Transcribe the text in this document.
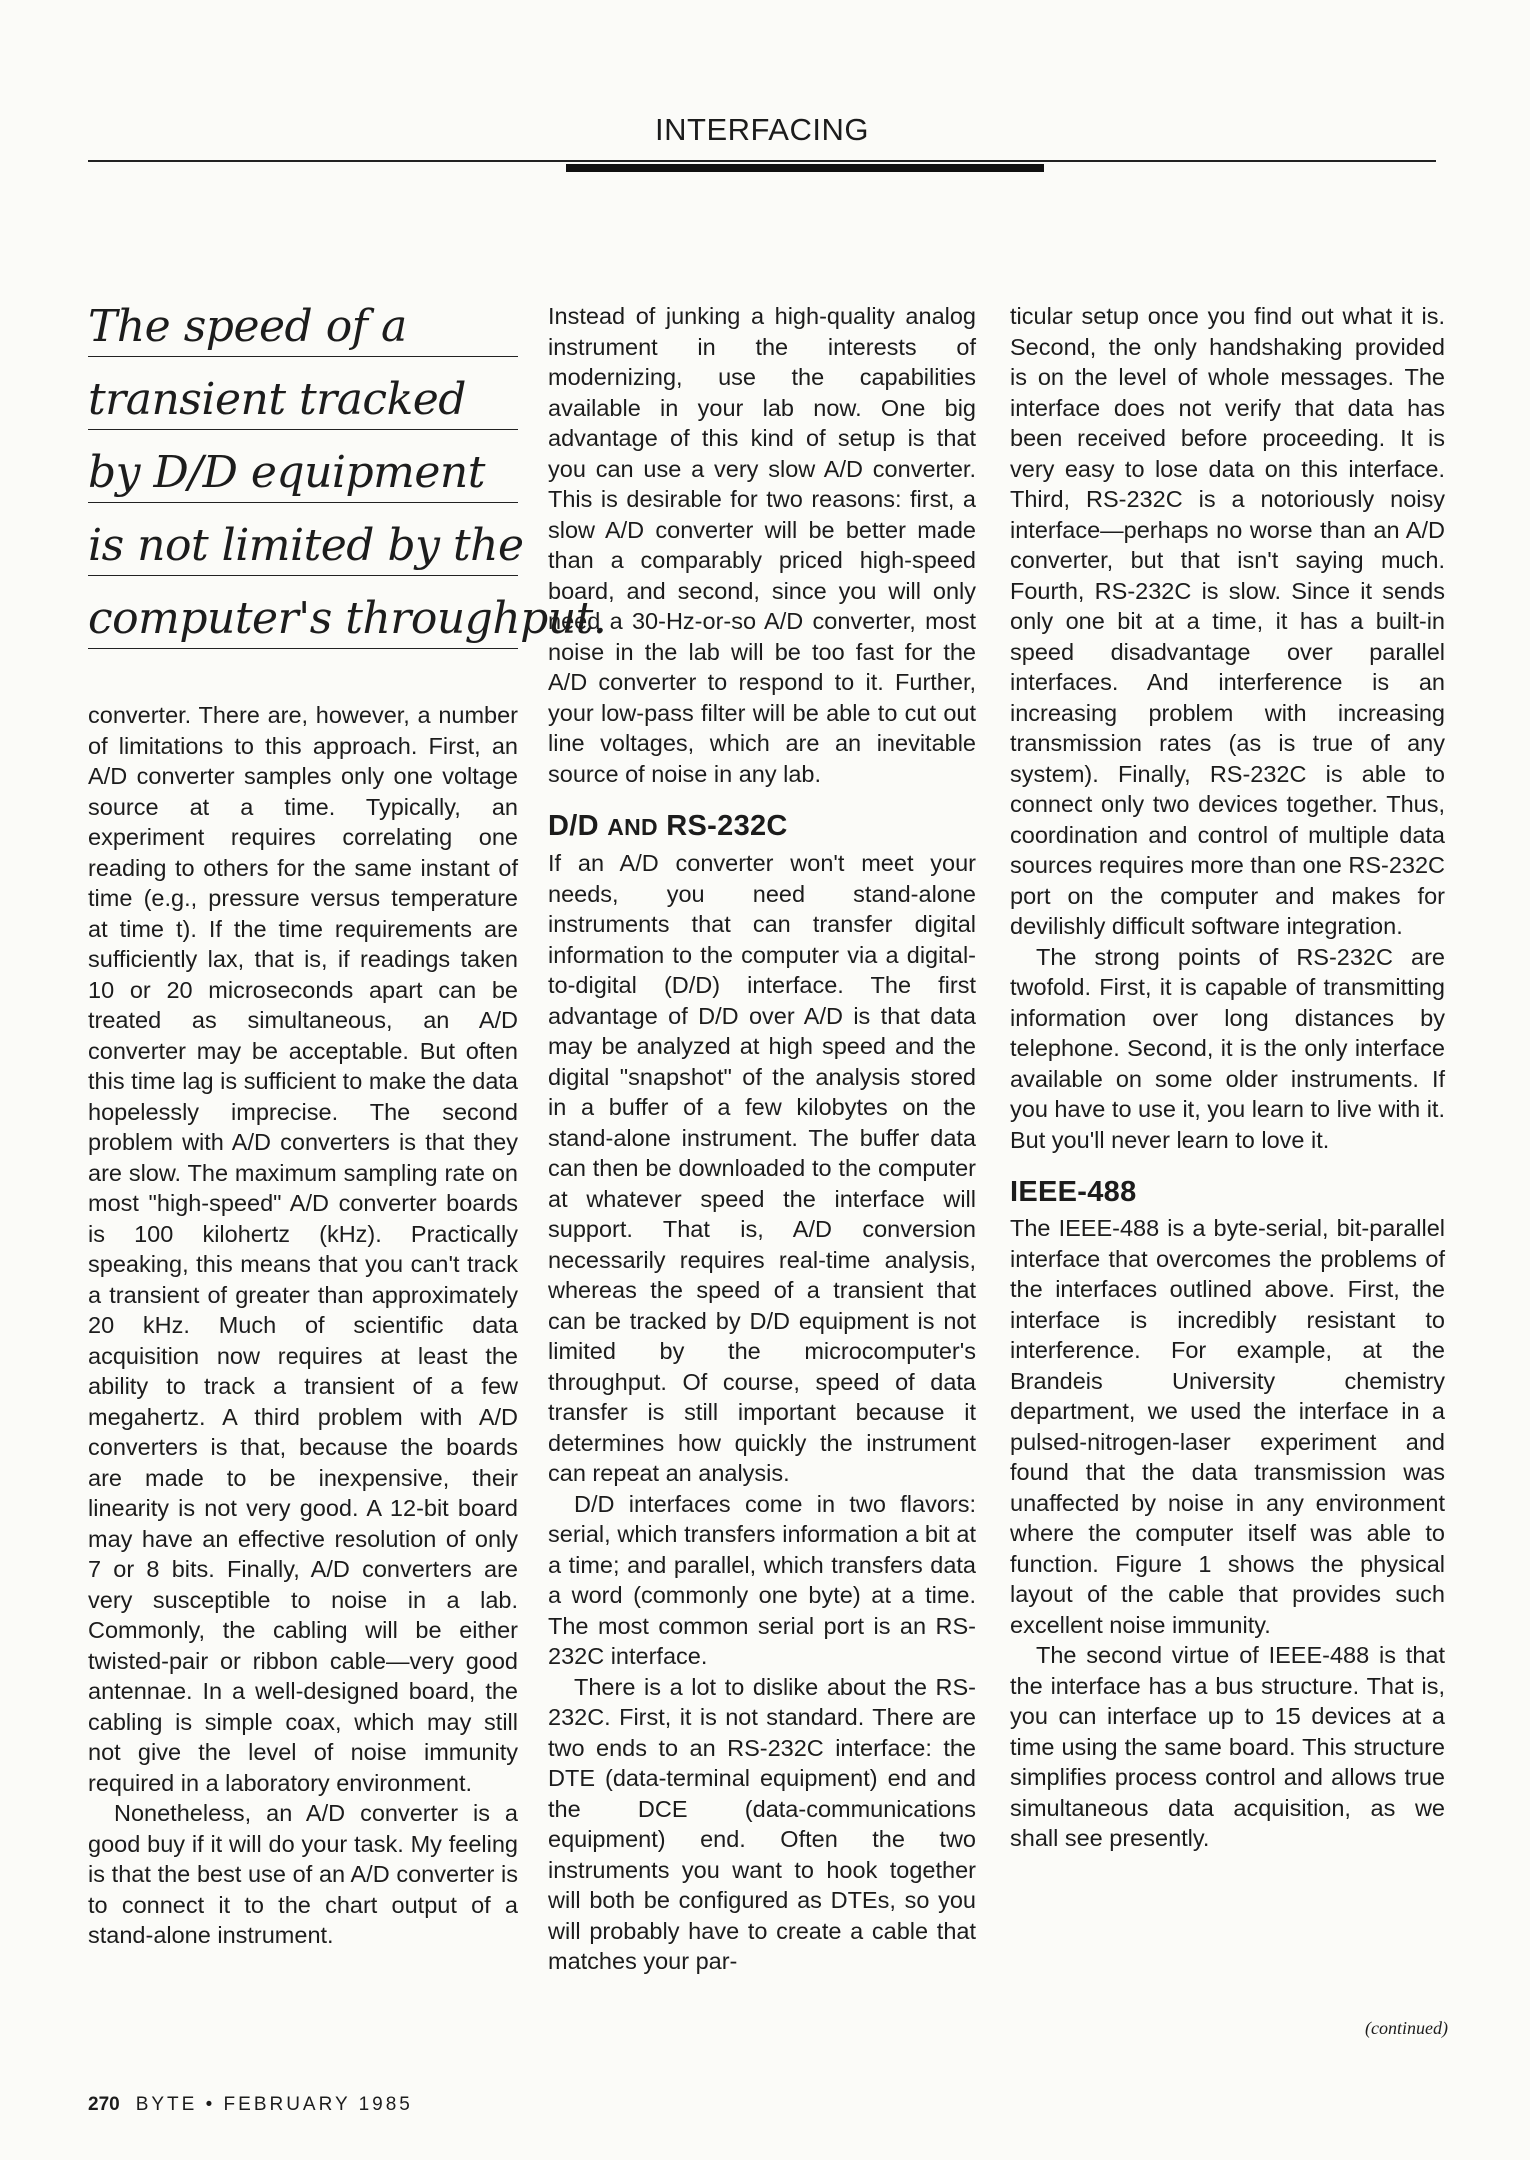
INTERFACING
The speed of a
transient tracked
by D/D equipment
is not limited by the
computer's throughput.

converter. There are, however, a number of limitations to this approach. First, an A/D converter samples only one voltage source at a time. Typically, an experiment requires correlating one reading to others for the same instant of time (e.g., pressure versus temperature at time t). If the time requirements are sufficiently lax, that is, if readings taken 10 or 20 microseconds apart can be treated as simultaneous, an A/D converter may be acceptable. But often this time lag is sufficient to make the data hopelessly imprecise. The second problem with A/D converters is that they are slow. The maximum sampling rate on most "high-speed" A/D converter boards is 100 kilohertz (kHz). Practically speaking, this means that you can't track a transient of greater than approximately 20 kHz. Much of scientific data acquisition now requires at least the ability to track a transient of a few megahertz. A third problem with A/D converters is that, because the boards are made to be inexpensive, their linearity is not very good. A 12-bit board may have an effective resolution of only 7 or 8 bits. Finally, A/D converters are very susceptible to noise in a lab. Commonly, the cabling will be either twisted-pair or ribbon cable—very good antennae. In a well-designed board, the cabling is simple coax, which may still not give the level of noise immunity required in a laboratory environment.

Nonetheless, an A/D converter is a good buy if it will do your task. My feeling is that the best use of an A/D converter is to connect it to the chart output of a stand-alone instrument.

Instead of junking a high-quality analog instrument in the interests of modernizing, use the capabilities available in your lab now. One big advantage of this kind of setup is that you can use a very slow A/D converter. This is desirable for two reasons: first, a slow A/D converter will be better made than a comparably priced high-speed board, and second, since you will only need a 30-Hz-or-so A/D converter, most noise in the lab will be too fast for the A/D converter to respond to it. Further, your low-pass filter will be able to cut out line voltages, which are an inevitable source of noise in any lab.

D/D AND RS-232C

If an A/D converter won't meet your needs, you need stand-alone instruments that can transfer digital information to the computer via a digital-to-digital (D/D) interface. The first advantage of D/D over A/D is that data may be analyzed at high speed and the digital "snapshot" of the analysis stored in a buffer of a few kilobytes on the stand-alone instrument. The buffer data can then be downloaded to the computer at whatever speed the interface will support. That is, A/D conversion necessarily requires real-time analysis, whereas the speed of a transient that can be tracked by D/D equipment is not limited by the microcomputer's throughput. Of course, speed of data transfer is still important because it determines how quickly the instrument can repeat an analysis.

D/D interfaces come in two flavors: serial, which transfers information a bit at a time; and parallel, which transfers data a word (commonly one byte) at a time. The most common serial port is an RS-232C interface.

There is a lot to dislike about the RS-232C. First, it is not standard. There are two ends to an RS-232C interface: the DTE (data-terminal equipment) end and the DCE (data-communications equipment) end. Often the two instruments you want to hook together will both be configured as DTEs, so you will probably have to create a cable that matches your par-

ticular setup once you find out what it is. Second, the only handshaking provided is on the level of whole messages. The interface does not verify that data has been received before proceeding. It is very easy to lose data on this interface. Third, RS-232C is a notoriously noisy interface—perhaps no worse than an A/D converter, but that isn't saying much. Fourth, RS-232C is slow. Since it sends only one bit at a time, it has a built-in speed disadvantage over parallel interfaces. And interference is an increasing problem with increasing transmission rates (as is true of any system). Finally, RS-232C is able to connect only two devices together. Thus, coordination and control of multiple data sources requires more than one RS-232C port on the computer and makes for devilishly difficult software integration.

The strong points of RS-232C are twofold. First, it is capable of transmitting information over long distances by telephone. Second, it is the only interface available on some older instruments. If you have to use it, you learn to live with it. But you'll never learn to love it.

IEEE-488

The IEEE-488 is a byte-serial, bit-parallel interface that overcomes the problems of the interfaces outlined above. First, the interface is incredibly resistant to interference. For example, at the Brandeis University chemistry department, we used the interface in a pulsed-nitrogen-laser experiment and found that the data transmission was unaffected by noise in any environment where the computer itself was able to function. Figure 1 shows the physical layout of the cable that provides such excellent noise immunity.

The second virtue of IEEE-488 is that the interface has a bus structure. That is, you can interface up to 15 devices at a time using the same board. This structure simplifies process control and allows true simultaneous data acquisition, as we shall see presently.

(continued)
270 BYTE • FEBRUARY 1985
